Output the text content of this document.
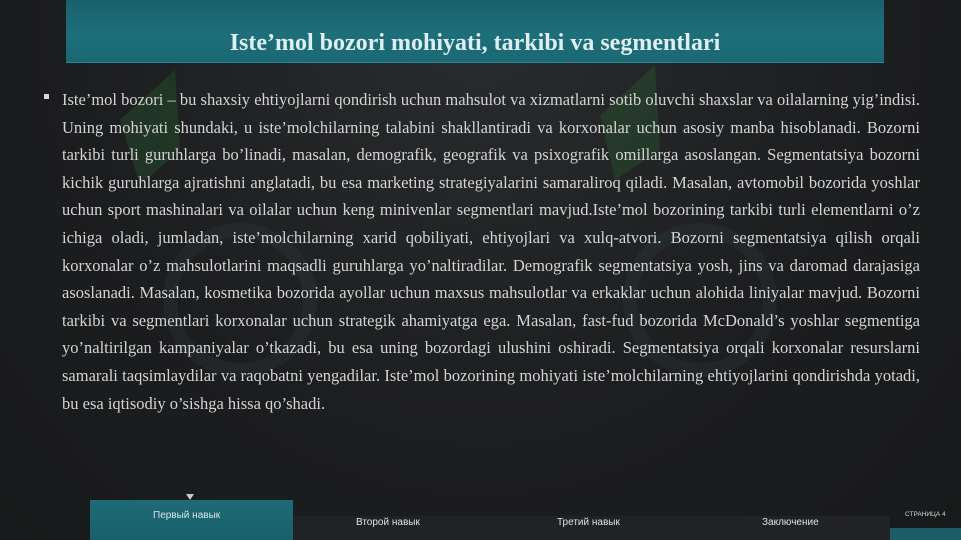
Iste’mol bozori mohiyati, tarkibi va segmentlari

Iste’mol bozori – bu shaxsiy ehtiyojlarni qondirish uchun mahsulot va xizmatlarni sotib oluvchi shaxslar va oilalarning yig’indisi. Uning mohiyati shundaki, u iste’molchilarning talabini shakllantiradi va korxonalar uchun asosiy manba hisoblanadi. Bozorni tarkibi turli guruhlarga bo’linadi, masalan, demografik, geografik va psixografik omillarga asoslangan. Segmentatsiya bozorni kichik guruhlarga ajratishni anglatadi, bu esa marketing strategiyalarini samaraliroq qiladi. Masalan, avtomobil bozorida yoshlar uchun sport mashinalari va oilalar uchun keng minivenlar segmentlari mavjud.Iste’mol bozorining tarkibi turli elementlarni o’z ichiga oladi, jumladan, iste’molchilarning xarid qobiliyati, ehtiyojlari va xulq-atvori. Bozorni segmentatsiya qilish orqali korxonalar o’z mahsulotlarini maqsadli guruhlarga yo’naltiradilar. Demografik segmentatsiya yosh, jins va daromad darajasiga asoslanadi. Masalan, kosmetika bozorida ayollar uchun maxsus mahsulotlar va erkaklar uchun alohida liniyalar mavjud. Bozorni tarkibi va segmentlari korxonalar uchun strategik ahamiyatga ega. Masalan, fast-fud bozorida McDonald’s yoshlar segmentiga yo’naltirilgan kampaniyalar o’tkazadi, bu esa uning bozordagi ulushini oshiradi. Segmentatsiya orqali korxonalar resurslarni samarali taqsimlaydilar va raqobatni yengadilar. Iste’mol bozorining mohiyati iste’molchilarning ehtiyojlarini qondirishda yotadi, bu esa iqtisodiy o’sishga hissa qo’shadi.

Первый навык
Второй навык	Третий навык	Заключение
СТРАНИЦА 4
